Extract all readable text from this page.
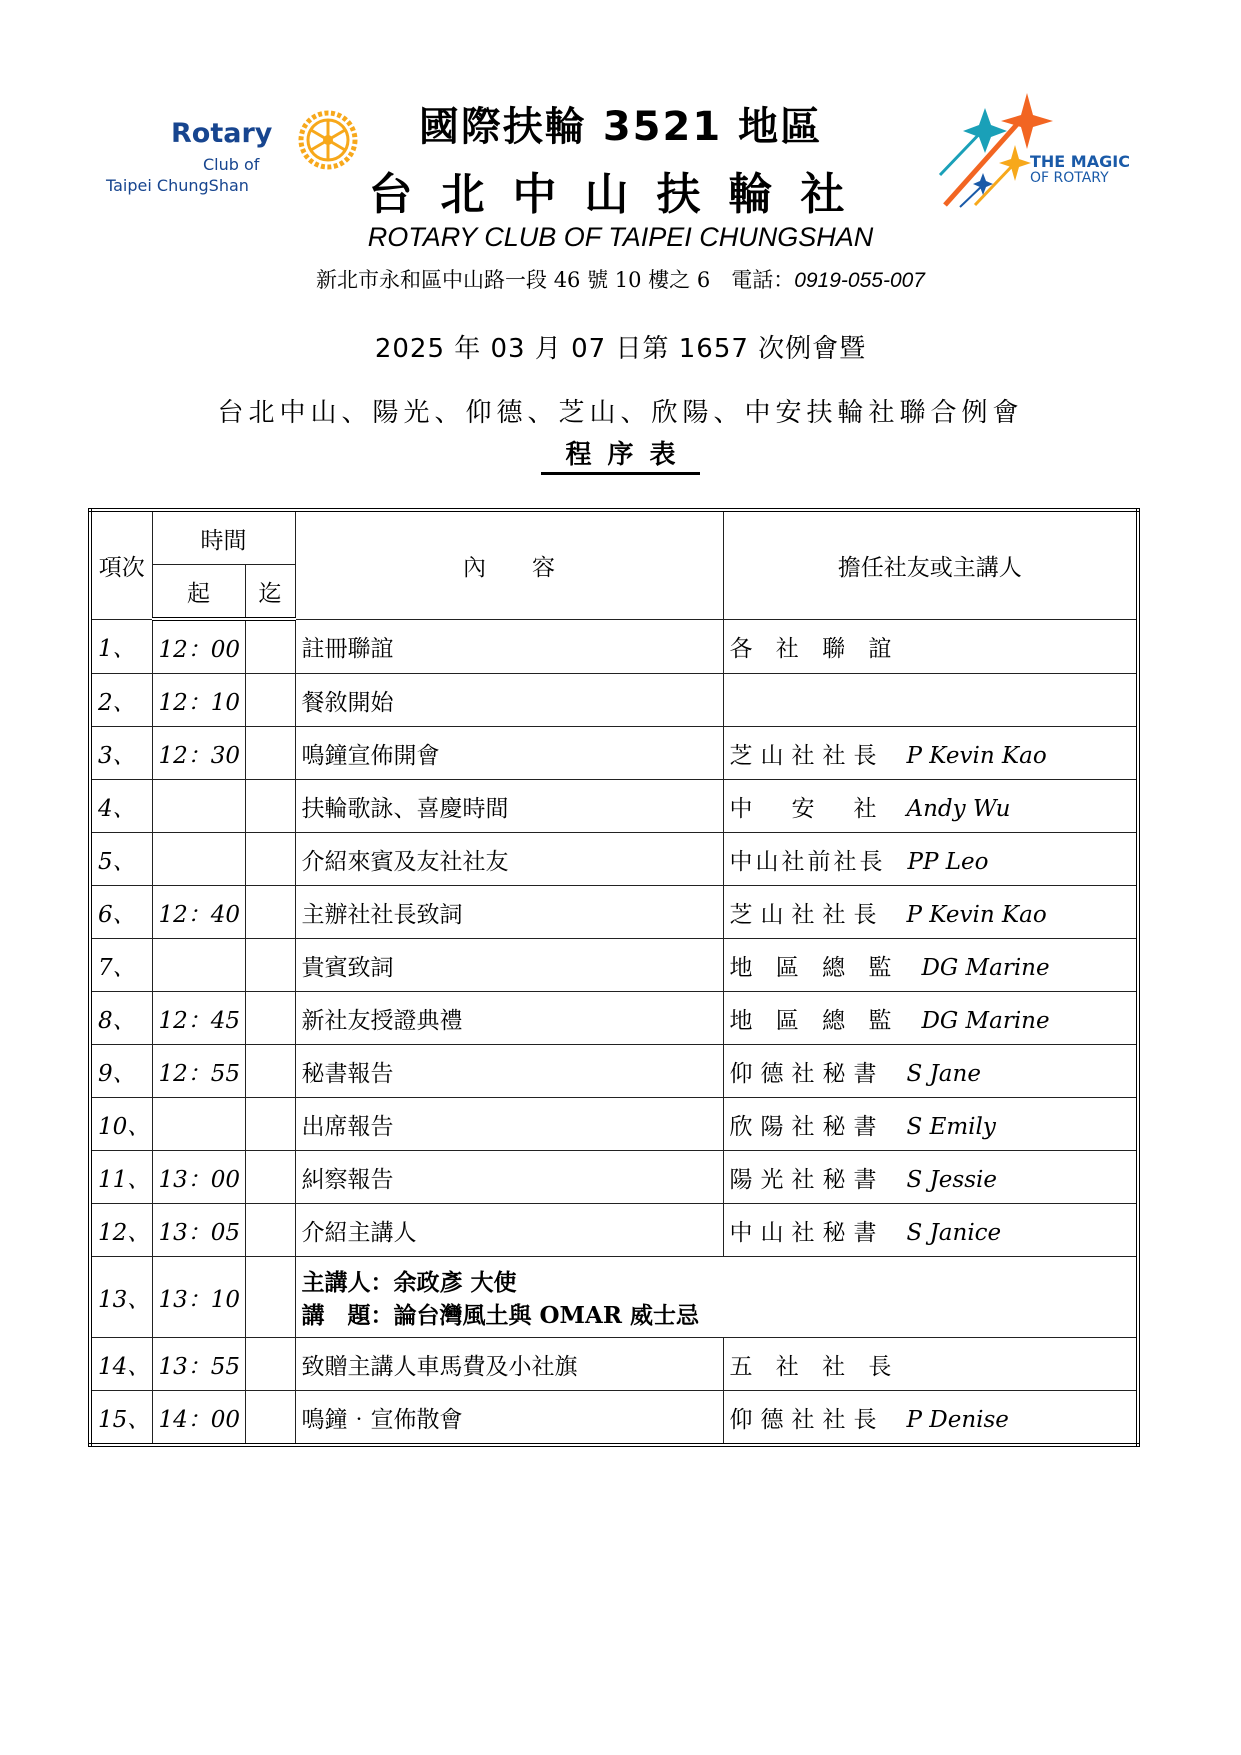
Rotary
Club of
Taipei ChungShan
國際扶輪 3521 地區
台北中山扶輪社
THE MAGIC
OF ROTARY
ROTARY CLUB OF TAIPEI CHUNGSHAN
新北市永和區中山路一段 46 號 10 樓之 6　電話：0919-055-007
2025 年 03 月 07 日第 1657 次例會暨
台北中山、陽光、仰德、芝山、欣陽、中安扶輪社聯合例會
程序表
項次	時間		內　　容	擔任社友或主講人
	起	迄		
1、	12：00		註冊聯誼	各 社 聯 誼
2、	12：10		餐敘開始	
3、	12：30		鳴鐘宣佈開會	芝山社社長 P Kevin Kao
4、			扶輪歌詠、喜慶時間	中　安　社 Andy Wu
5、			介紹來賓及友社社友	中山社前社長 PP Leo
6、	12：40		主辦社社長致詞	芝山社社長 P Kevin Kao
7、			貴賓致詞	地 區 總 監 DG Marine
8、	12：45		新社友授證典禮	地 區 總 監 DG Marine
9、	12：55		秘書報告	仰德社秘書 S Jane
10、			出席報告	欣陽社秘書 S Emily
11、	13：00		糾察報告	陽光社秘書 S Jessie
12、	13：05		介紹主講人	中山社秘書 S Janice
13、	13：10		主講人：余政彥 大使
講　題：論台灣風土與 OMAR 威士忌	

14、	13：55		致贈主講人車馬費及小社旗	五 社 社 長
15、	14：00		鳴鐘‧宣佈散會	仰德社社長 P Denise
